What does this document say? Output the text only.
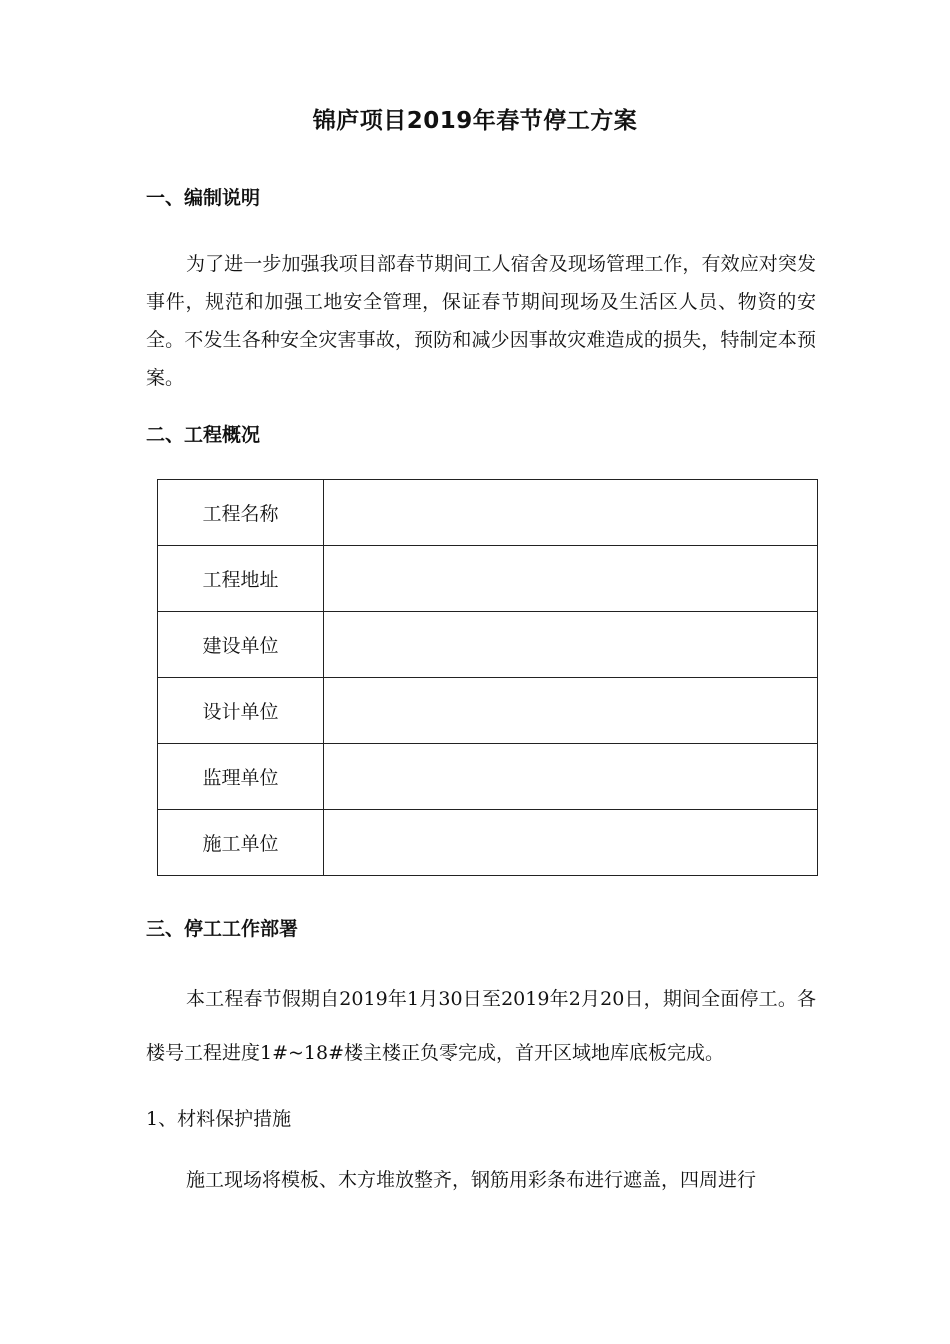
锦庐项目2019年春节停工方案
一、编制说明

为了进一步加强我项目部春节期间工人宿舍及现场管理工作，有效应对突发事件，规范和加强工地安全管理，保证春节期间现场及生活区人员、物资的安全。不发生各种安全灾害事故，预防和减少因事故灾难造成的损失，特制定本预案。

二、工程概况
工程名称	
工程地址	
建设单位	
设计单位	
监理单位	
施工单位	
三、停工工作部署

本工程春节假期自2019年1月30日至2019年2月20日，期间全面停工。各楼号工程进度1#~18#楼主楼正负零完成，首开区域地库底板完成。

1、材料保护措施

施工现场将模板、木方堆放整齐，钢筋用彩条布进行遮盖，四周进行
